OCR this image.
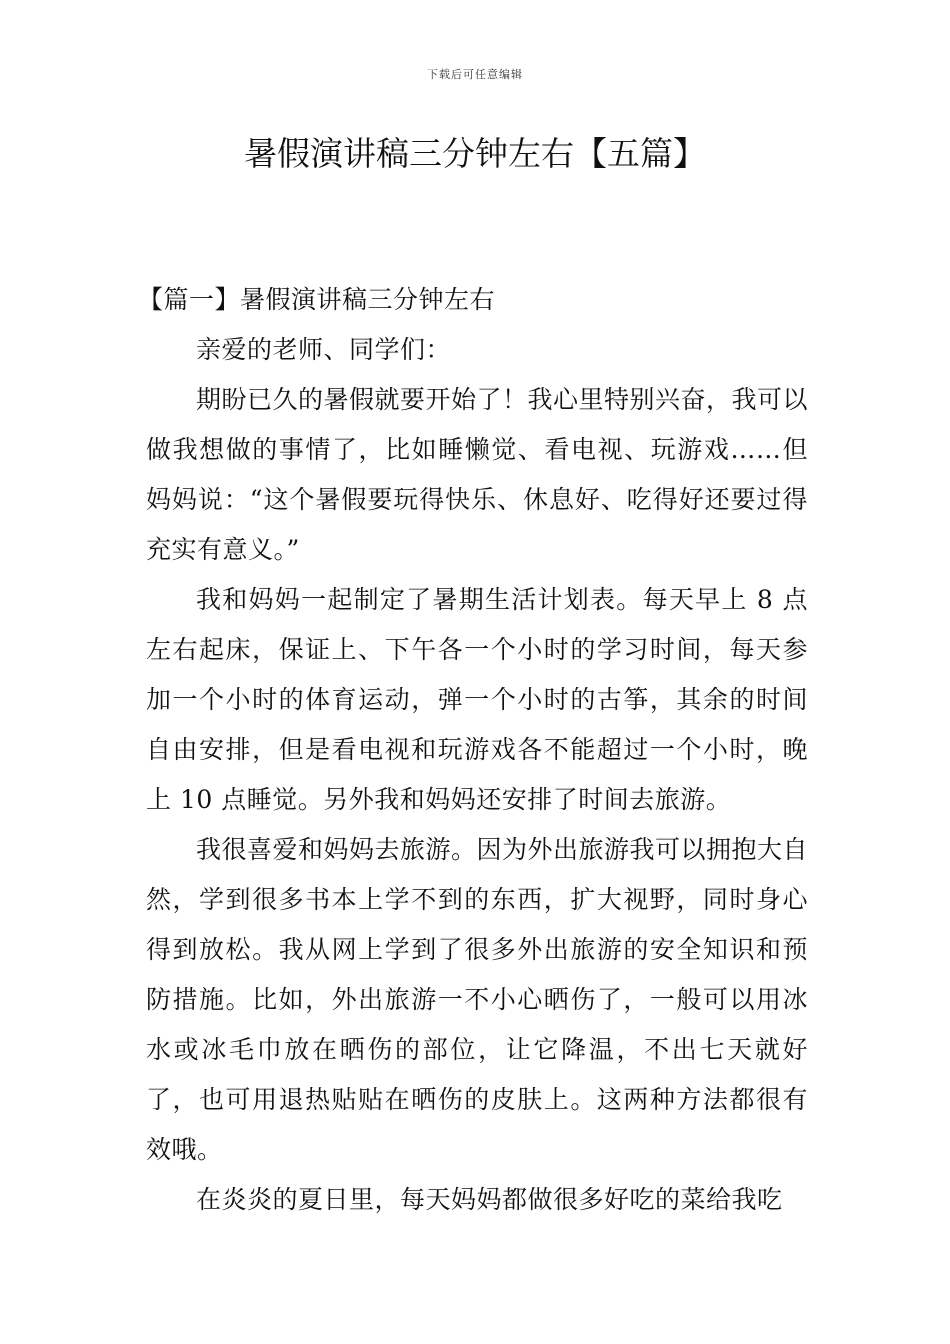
下载后可任意编辑
暑假演讲稿三分钟左右【五篇】

【篇一】暑假演讲稿三分钟左右

亲爱的老师、同学们：

期盼已久的暑假就要开始了！我心里特别兴奋，我可以做我想做的事情了，比如睡懒觉、看电视、玩游戏……但妈妈说：“这个暑假要玩得快乐、休息好、吃得好还要过得充实有意义。”

我和妈妈一起制定了暑期生活计划表。每天早上 8 点左右起床，保证上、下午各一个小时的学习时间，每天参加一个小时的体育运动，弹一个小时的古筝，其余的时间自由安排，但是看电视和玩游戏各不能超过一个小时，晚上 10 点睡觉。另外我和妈妈还安排了时间去旅游。

我很喜爱和妈妈去旅游。因为外出旅游我可以拥抱大自然，学到很多书本上学不到的东西，扩大视野，同时身心得到放松。我从网上学到了很多外出旅游的安全知识和预防措施。比如，外出旅游一不小心晒伤了，一般可以用冰水或冰毛巾放在晒伤的部位，让它降温，不出七天就好了，也可用退热贴贴在晒伤的皮肤上。这两种方法都很有效哦。

在炎炎的夏日里，每天妈妈都做很多好吃的菜给我吃
